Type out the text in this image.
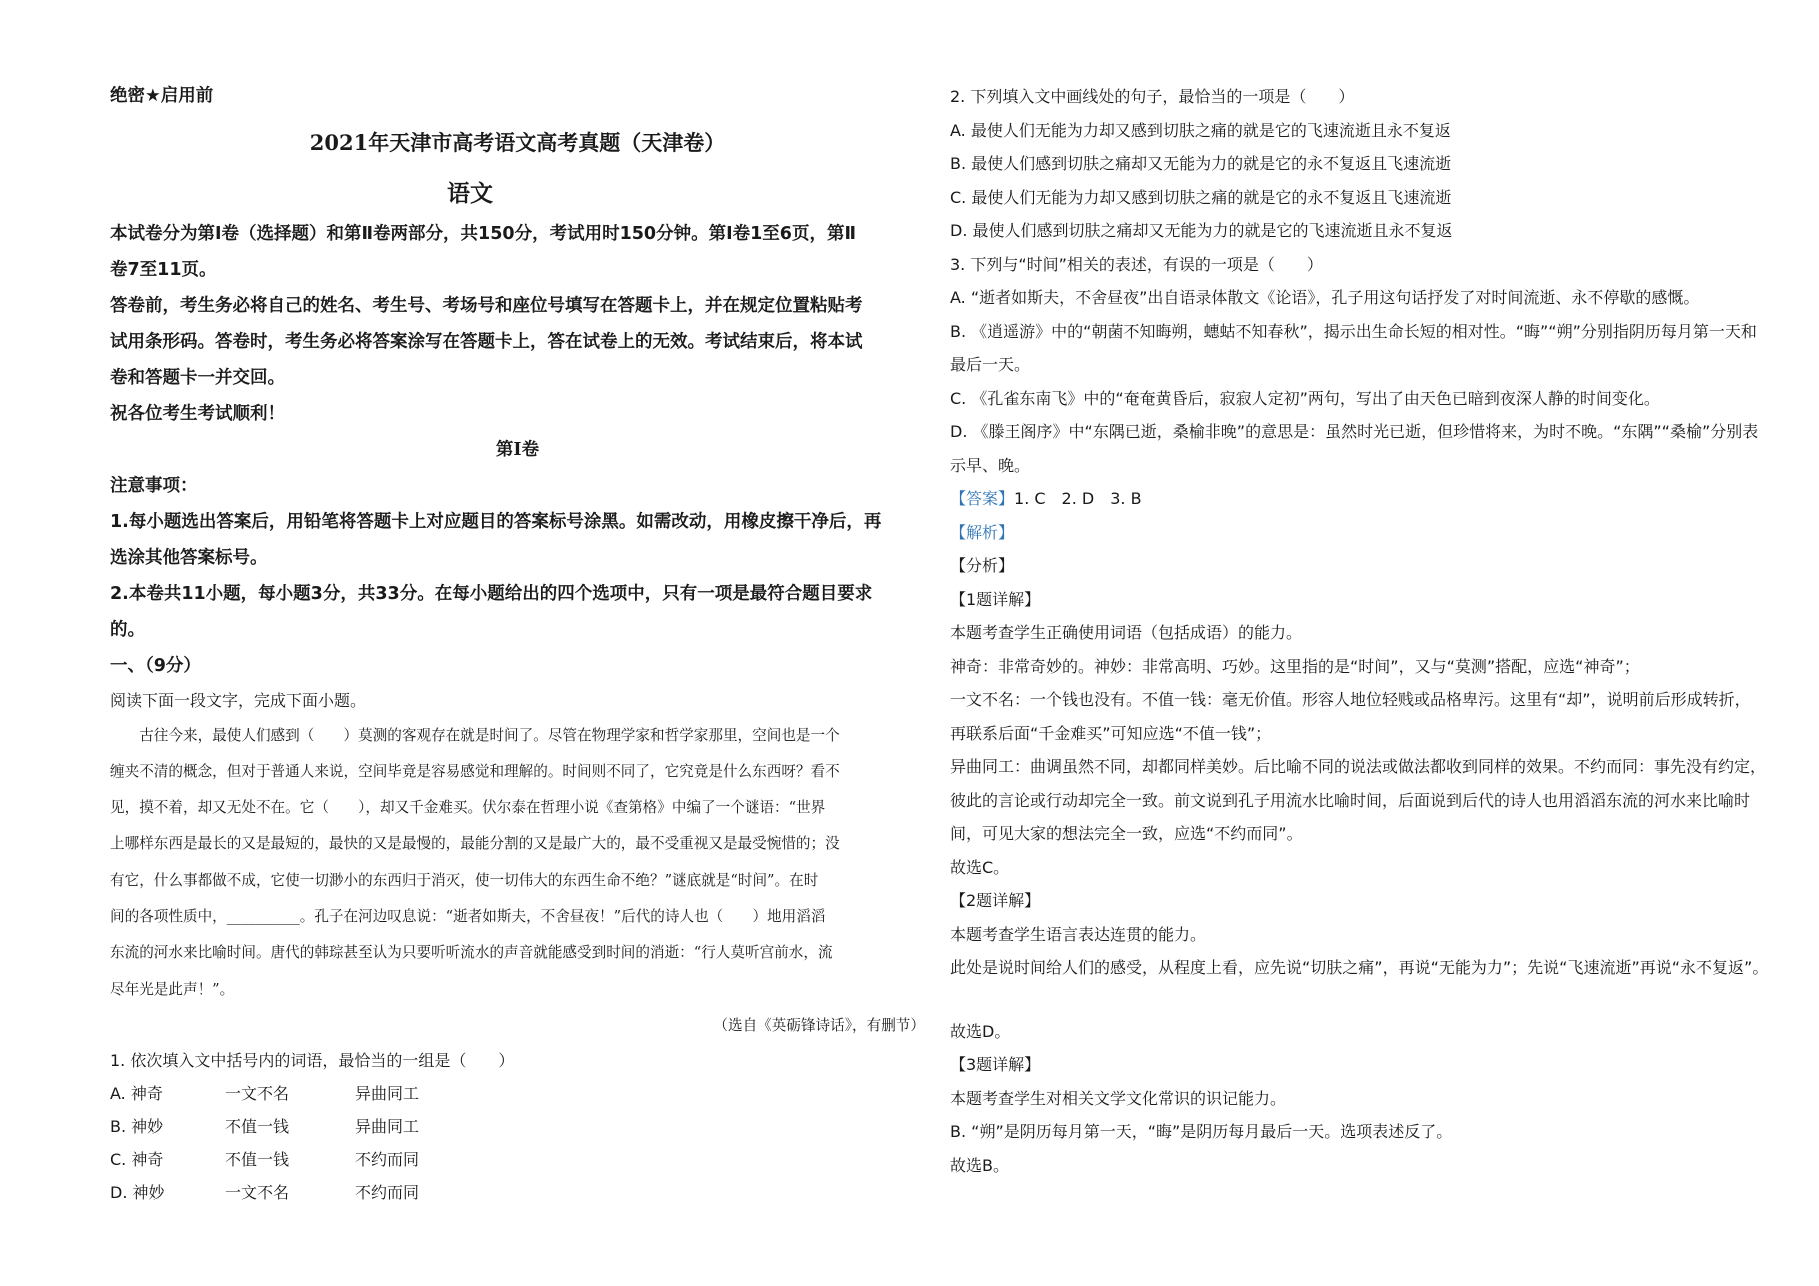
绝密★启用前
2021年天津市高考语文高考真题（天津卷）
语文
本试卷分为第Ⅰ卷（选择题）和第Ⅱ卷两部分，共150分，考试用时150分钟。第Ⅰ卷1至6页，第Ⅱ
卷7至11页。
答卷前，考生务必将自己的姓名、考生号、考场号和座位号填写在答题卡上，并在规定位置粘贴考
试用条形码。答卷时，考生务必将答案涂写在答题卡上，答在试卷上的无效。考试结束后，将本试
卷和答题卡一并交回。
祝各位考生考试顺利！
第Ⅰ卷
注意事项：
1.每小题选出答案后，用铅笔将答题卡上对应题目的答案标号涂黑。如需改动，用橡皮擦干净后，再
选涂其他答案标号。
2.本卷共11小题，每小题3分，共33分。在每小题给出的四个选项中，只有一项是最符合题目要求
的。
一、（9分）
阅读下面一段文字，完成下面小题。
　　古往今来，最使人们感到（　　）莫测的客观存在就是时间了。尽管在物理学家和哲学家那里，空间也是一个
缠夹不清的概念，但对于普通人来说，空间毕竟是容易感觉和理解的。时间则不同了，它究竟是什么东西呀？看不
见，摸不着，却又无处不在。它（　　），却又千金难买。伏尔泰在哲理小说《查第格》中编了一个谜语：“世界
上哪样东西是最长的又是最短的，最快的又是最慢的，最能分割的又是最广大的，最不受重视又是最受惋惜的；没
有它，什么事都做不成，它使一切渺小的东西归于消灭，使一切伟大的东西生命不绝？”谜底就是“时间”。在时
间的各项性质中，__________。孔子在河边叹息说：“逝者如斯夫，不舍昼夜！”后代的诗人也（　　）地用滔滔
东流的河水来比喻时间。唐代的韩琮甚至认为只要听听流水的声音就能感受到时间的消逝：“行人莫听宫前水，流
尽年光是此声！”。
（选自《英砺锋诗话》，有删节）
1. 依次填入文中括号内的词语，最恰当的一组是（　　）
A. 神奇	一文不名	异曲同工
B. 神妙	不值一钱	异曲同工
C. 神奇	不值一钱	不约而同
D. 神妙	一文不名	不约而同
2. 下列填入文中画线处的句子，最恰当的一项是（　　）
A. 最使人们无能为力却又感到切肤之痛的就是它的飞速流逝且永不复返
B. 最使人们感到切肤之痛却又无能为力的就是它的永不复返且飞速流逝
C. 最使人们无能为力却又感到切肤之痛的就是它的永不复返且飞速流逝
D. 最使人们感到切肤之痛却又无能为力的就是它的飞速流逝且永不复返
3. 下列与“时间”相关的表述，有误的一项是（　　）
A. “逝者如斯夫，不舍昼夜”出自语录体散文《论语》，孔子用这句话抒发了对时间流逝、永不停歇的感慨。
B. 《逍遥游》中的“朝菌不知晦朔，蟪蛄不知春秋”，揭示出生命长短的相对性。“晦”“朔”分别指阴历每月第一天和
最后一天。
C. 《孔雀东南飞》中的“奄奄黄昏后，寂寂人定初”两句，写出了由天色已暗到夜深人静的时间变化。
D. 《滕王阁序》中“东隅已逝，桑榆非晚”的意思是：虽然时光已逝，但珍惜将来，为时不晚。“东隅”“桑榆”分别表
示早、晚。
【答案】1. C　2. D　3. B
【解析】
【分析】
【1题详解】
本题考查学生正确使用词语（包括成语）的能力。
神奇：非常奇妙的。神妙：非常高明、巧妙。这里指的是“时间”，又与“莫测”搭配，应选“神奇”；
一文不名：一个钱也没有。不值一钱：毫无价值。形容人地位轻贱或品格卑污。这里有“却”，说明前后形成转折，
再联系后面“千金难买”可知应选“不值一钱”；
异曲同工：曲调虽然不同，却都同样美妙。后比喻不同的说法或做法都收到同样的效果。不约而同：事先没有约定，
彼此的言论或行动却完全一致。前文说到孔子用流水比喻时间，后面说到后代的诗人也用滔滔东流的河水来比喻时
间，可见大家的想法完全一致，应选“不约而同”。
故选C。
【2题详解】
本题考查学生语言表达连贯的能力。
此处是说时间给人们的感受，从程度上看，应先说“切肤之痛”，再说“无能为力”；先说“飞速流逝”再说“永不复返”。
故选D。
【3题详解】
本题考查学生对相关文学文化常识的识记能力。
B. “朔”是阴历每月第一天，“晦”是阴历每月最后一天。选项表述反了。
故选B。
